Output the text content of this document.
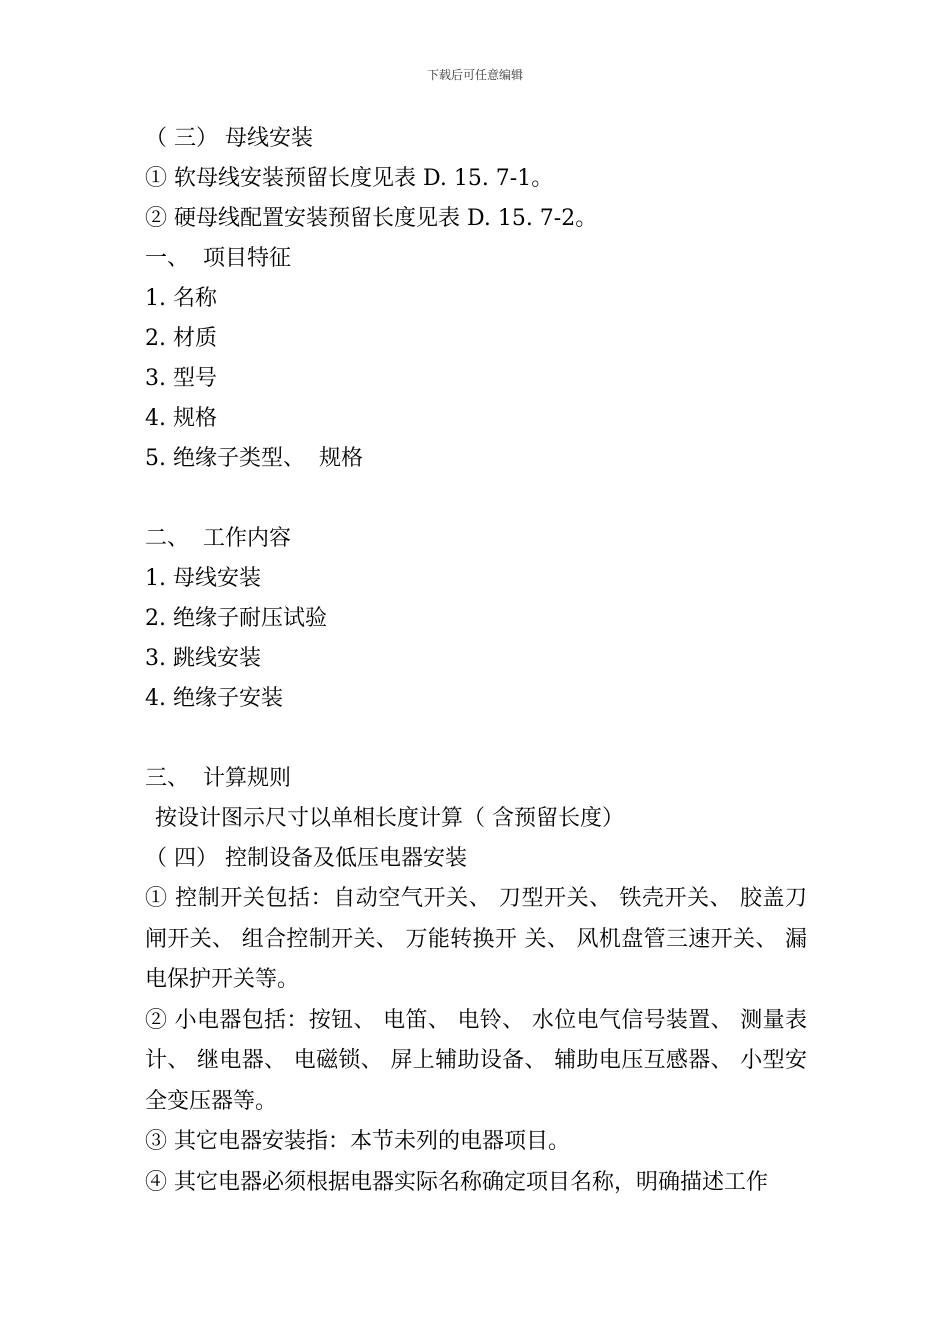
下载后可任意编辑
（ 三） 母线安装
① 软母线安装预留长度见表 D. 15. 7-1。
② 硬母线配置安装预留长度见表 D. 15. 7-2。
一、  项目特征
1. 名称
2. 材质
3. 型号
4. 规格
5. 绝缘子类型、  规格
二、  工作内容
1. 母线安装
2. 绝缘子耐压试验
3. 跳线安装
4. 绝缘子安装
三、  计算规则
按设计图示尺寸以单相长度计算（ 含预留长度）
（ 四） 控制设备及低压电器安装
① 控制开关包括：自动空气开关、 刀型开关、 铁壳开关、 胶盖刀闸开关、 组合控制开关、 万能转换开 关、 风机盘管三速开关、 漏电保护开关等。
② 小电器包括：按钮、 电笛、 电铃、 水位电气信号装置、 测量表计、 继电器、 电磁锁、 屏上辅助设备、 辅助电压互感器、 小型安全变压器等。
③ 其它电器安装指：本节未列的电器项目。
④ 其它电器必须根据电器实际名称确定项目名称，明确描述工作
